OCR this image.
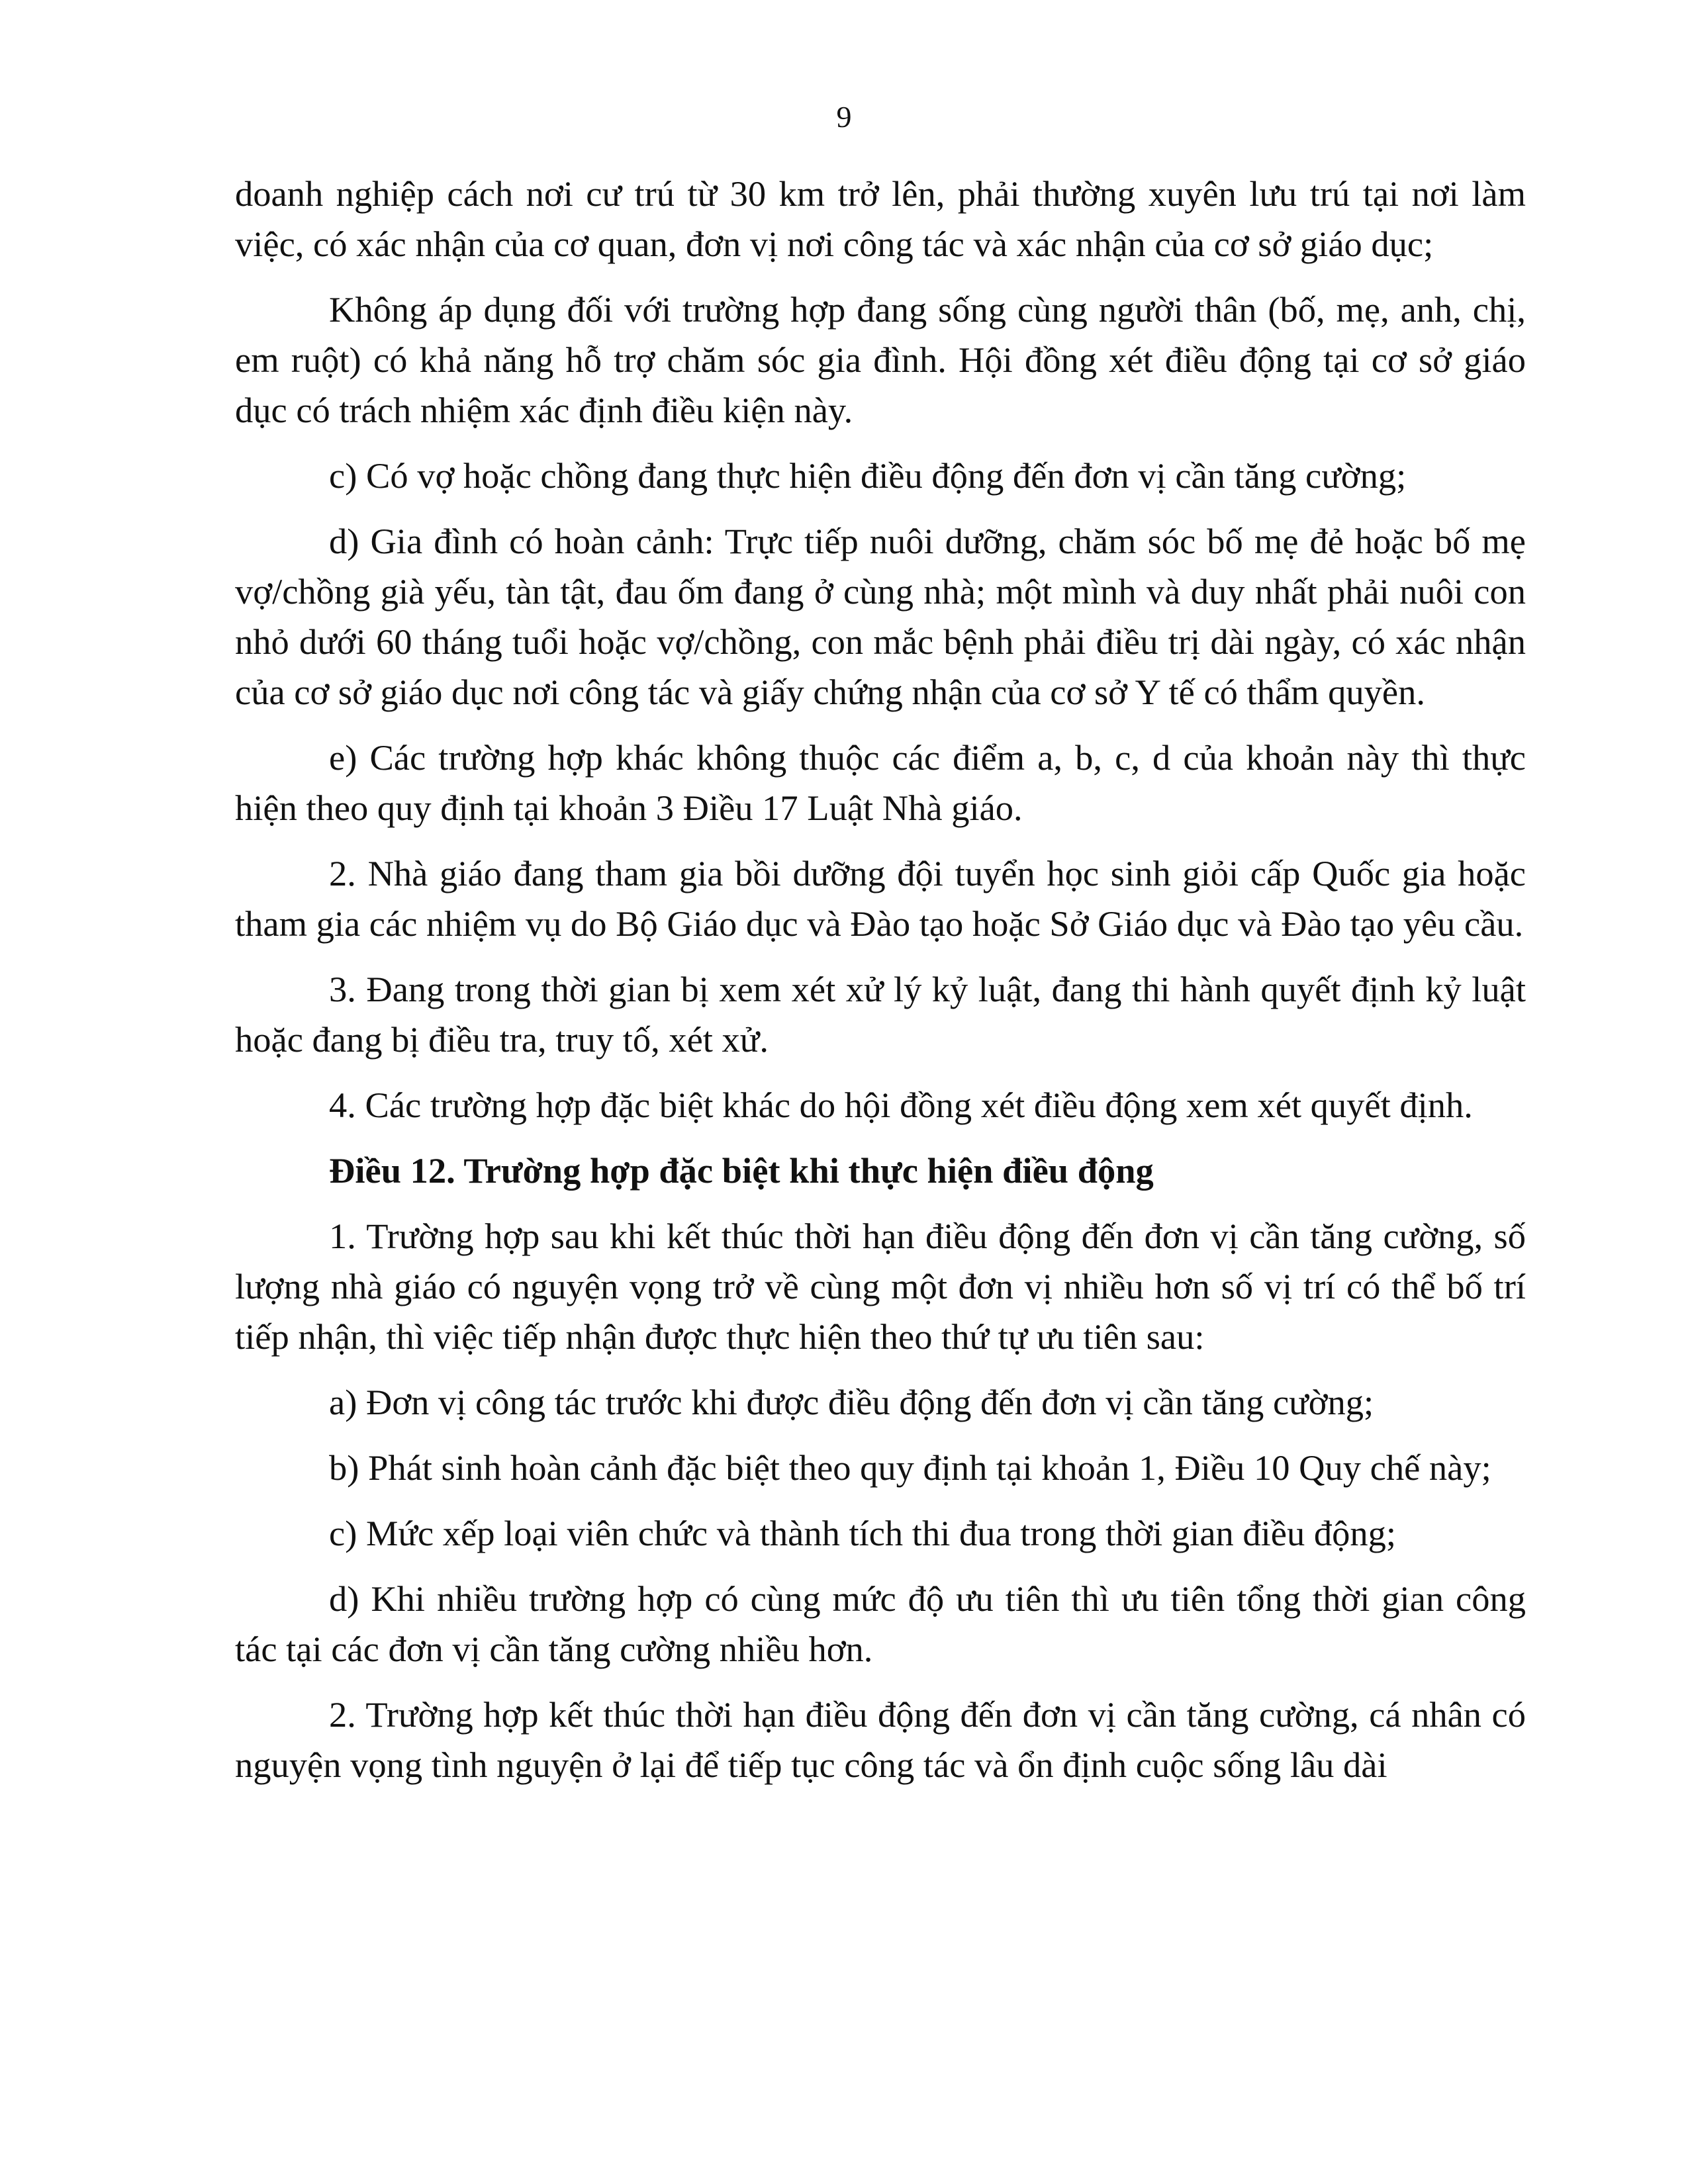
9

doanh nghiệp cách nơi cư trú từ 30 km trở lên, phải thường xuyên lưu trú tại nơi làm việc, có xác nhận của cơ quan, đơn vị nơi công tác và xác nhận của cơ sở giáo dục;

Không áp dụng đối với trường hợp đang sống cùng người thân (bố, mẹ, anh, chị, em ruột) có khả năng hỗ trợ chăm sóc gia đình. Hội đồng xét điều động tại cơ sở giáo dục có trách nhiệm xác định điều kiện này.

c) Có vợ hoặc chồng đang thực hiện điều động đến đơn vị cần tăng cường;

d) Gia đình có hoàn cảnh: Trực tiếp nuôi dưỡng, chăm sóc bố mẹ đẻ hoặc bố mẹ vợ/chồng già yếu, tàn tật, đau ốm đang ở cùng nhà; một mình và duy nhất phải nuôi con nhỏ dưới 60 tháng tuổi hoặc vợ/chồng, con mắc bệnh phải điều trị dài ngày, có xác nhận của cơ sở giáo dục nơi công tác và giấy chứng nhận của cơ sở Y tế có thẩm quyền.

e) Các trường hợp khác không thuộc các điểm a, b, c, d của khoản này thì thực hiện theo quy định tại khoản 3 Điều 17 Luật Nhà giáo.

2. Nhà giáo đang tham gia bồi dưỡng đội tuyển học sinh giỏi cấp Quốc gia hoặc tham gia các nhiệm vụ do Bộ Giáo dục và Đào tạo hoặc Sở Giáo dục và Đào tạo yêu cầu.

3. Đang trong thời gian bị xem xét xử lý kỷ luật, đang thi hành quyết định kỷ luật hoặc đang bị điều tra, truy tố, xét xử.

4. Các trường hợp đặc biệt khác do hội đồng xét điều động xem xét quyết định.

Điều 12. Trường hợp đặc biệt khi thực hiện điều động

1. Trường hợp sau khi kết thúc thời hạn điều động đến đơn vị cần tăng cường, số lượng nhà giáo có nguyện vọng trở về cùng một đơn vị nhiều hơn số vị trí có thể bố trí tiếp nhận, thì việc tiếp nhận được thực hiện theo thứ tự ưu tiên sau:

a) Đơn vị công tác trước khi được điều động đến đơn vị cần tăng cường;

b) Phát sinh hoàn cảnh đặc biệt theo quy định tại khoản 1, Điều 10 Quy chế này;

c) Mức xếp loại viên chức và thành tích thi đua trong thời gian điều động;

d) Khi nhiều trường hợp có cùng mức độ ưu tiên thì ưu tiên tổng thời gian công tác tại các đơn vị cần tăng cường nhiều hơn.

2. Trường hợp kết thúc thời hạn điều động đến đơn vị cần tăng cường, cá nhân có nguyện vọng tình nguyện ở lại để tiếp tục công tác và ổn định cuộc sống lâu dài
